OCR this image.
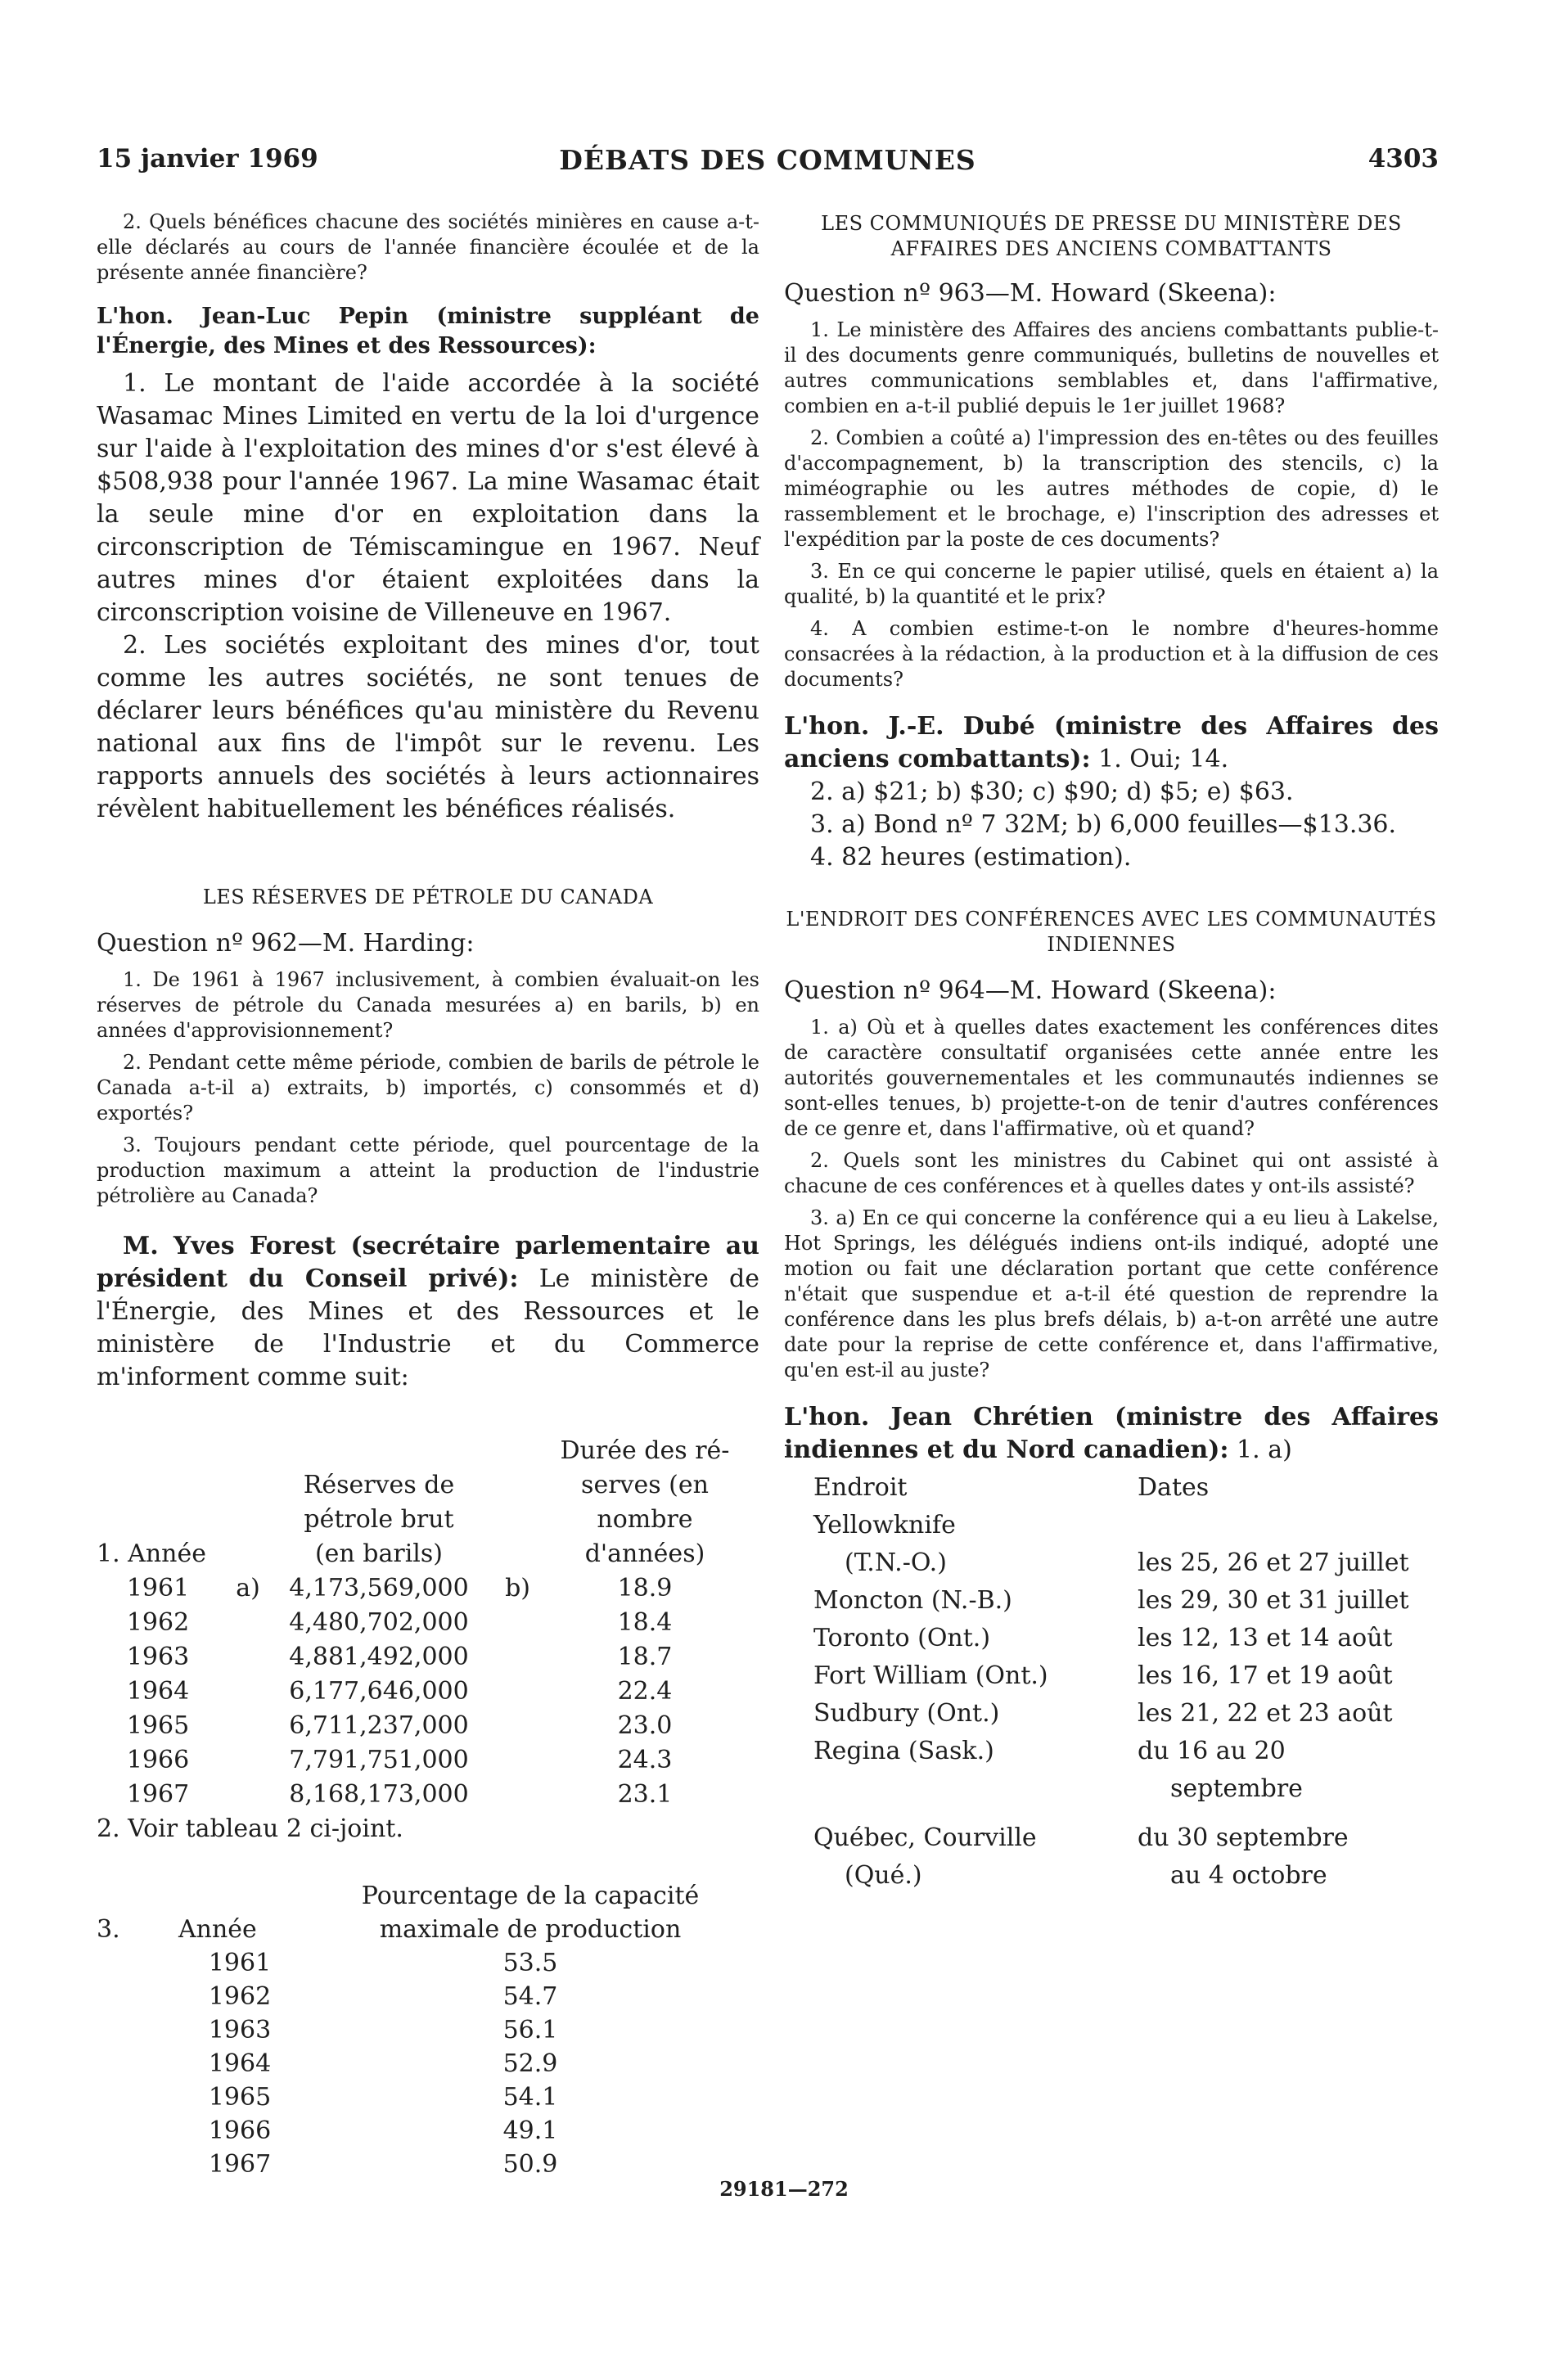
15 janvier 1969	DÉBATS DES COMMUNES	4303

2. Quels bénéfices chacune des sociétés minières en cause a-t-elle déclarés au cours de l'année financière écoulée et de la présente année financière?

L'hon. Jean-Luc Pepin (ministre suppléant de l'Énergie, des Mines et des Ressources):

1. Le montant de l'aide accordée à la société Wasamac Mines Limited en vertu de la loi d'urgence sur l'aide à l'exploitation des mines d'or s'est élevé à $508,938 pour l'année 1967. La mine Wasamac était la seule mine d'or en exploitation dans la circonscription de Témiscamingue en 1967. Neuf autres mines d'or étaient exploitées dans la circonscription voisine de Villeneuve en 1967.

2. Les sociétés exploitant des mines d'or, tout comme les autres sociétés, ne sont tenues de déclarer leurs bénéfices qu'au ministère du Revenu national aux fins de l'impôt sur le revenu. Les rapports annuels des sociétés à leurs actionnaires révèlent habituellement les bénéfices réalisés.

LES RÉSERVES DE PÉTROLE DU CANADA

Question nº 962—M. Harding:

1. De 1961 à 1967 inclusivement, à combien évaluait-on les réserves de pétrole du Canada mesurées a) en barils, b) en années d'approvisionnement?

2. Pendant cette même période, combien de barils de pétrole le Canada a-t-il a) extraits, b) importés, c) consommés et d) exportés?

3. Toujours pendant cette période, quel pourcentage de la production maximum a atteint la production de l'industrie pétrolière au Canada?

M. Yves Forest (secrétaire parlementaire au président du Conseil privé): Le ministère de l'Énergie, des Mines et des Ressources et le ministère de l'Industrie et du Commerce m'informent comme suit:

				Durée des ré-
		Réserves de		serves (en
		pétrole brut		nombre
1. Année		(en barils)		d'années)
1961	a)	4,173,569,000	b)	18.9
1962		4,480,702,000		18.4
1963		4,881,492,000		18.7
1964		6,177,646,000		22.4
1965		6,711,237,000		23.0
1966		7,791,751,000		24.3
1967		8,168,173,000		23.1

2. Voir tableau 2 ci-joint.

		Pourcentage de la capacité
3.	Année	maximale de production
	1961	53.5
	1962	54.7
	1963	56.1
	1964	52.9
	1965	54.1
	1966	49.1
	1967	50.9

LES COMMUNIQUÉS DE PRESSE DU MINISTÈRE DES AFFAIRES DES ANCIENS COMBATTANTS

Question nº 963—M. Howard (Skeena):

1. Le ministère des Affaires des anciens combattants publie-t-il des documents genre communiqués, bulletins de nouvelles et autres communications semblables et, dans l'affirmative, combien en a-t-il publié depuis le 1er juillet 1968?

2. Combien a coûté a) l'impression des en-têtes ou des feuilles d'accompagnement, b) la transcription des stencils, c) la miméographie ou les autres méthodes de copie, d) le rassemblement et le brochage, e) l'inscription des adresses et l'expédition par la poste de ces documents?

3. En ce qui concerne le papier utilisé, quels en étaient a) la qualité, b) la quantité et le prix?

4. A combien estime-t-on le nombre d'heures-homme consacrées à la rédaction, à la production et à la diffusion de ces documents?

L'hon. J.-E. Dubé (ministre des Affaires des anciens combattants): 1. Oui; 14.

2. a) $21; b) $30; c) $90; d) $5; e) $63.

3. a) Bond nº 7 32M; b) 6,000 feuilles—$13.36.

4. 82 heures (estimation).

L'ENDROIT DES CONFÉRENCES AVEC LES COMMUNAUTÉS INDIENNES

Question nº 964—M. Howard (Skeena):

1. a) Où et à quelles dates exactement les conférences dites de caractère consultatif organisées cette année entre les autorités gouvernementales et les communautés indiennes se sont-elles tenues, b) projette-t-on de tenir d'autres conférences de ce genre et, dans l'affirmative, où et quand?

2. Quels sont les ministres du Cabinet qui ont assisté à chacune de ces conférences et à quelles dates y ont-ils assisté?

3. a) En ce qui concerne la conférence qui a eu lieu à Lakelse, Hot Springs, les délégués indiens ont-ils indiqué, adopté une motion ou fait une déclaration portant que cette conférence n'était que suspendue et a-t-il été question de reprendre la conférence dans les plus brefs délais, b) a-t-on arrêté une autre date pour la reprise de cette conférence et, dans l'affirmative, qu'en est-il au juste?

L'hon. Jean Chrétien (ministre des Affaires indiennes et du Nord canadien): 1. a)

	Endroit	Dates
	Yellowknife	
	(T.N.-O.)	les 25, 26 et 27 juillet
	Moncton (N.-B.)	les 29, 30 et 31 juillet
	Toronto (Ont.)	les 12, 13 et 14 août
	Fort William (Ont.)	les 16, 17 et 19 août
	Sudbury (Ont.)	les 21, 22 et 23 août
	Regina (Sask.)	du 16 au 20
		septembre
	Québec, Courville	du 30 septembre
	(Qué.)	au 4 octobre
29181—272
